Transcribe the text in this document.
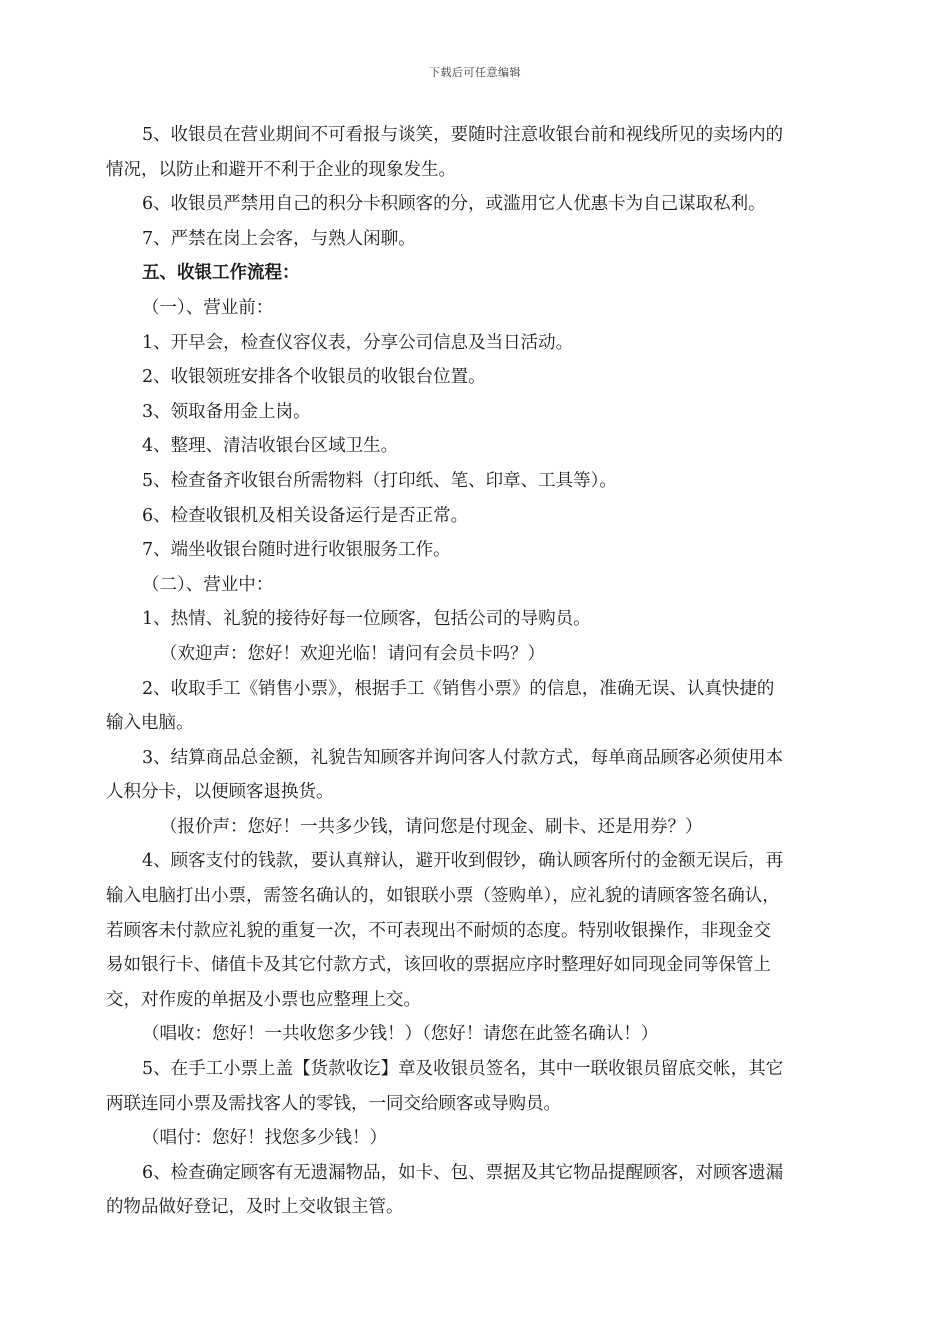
下载后可任意编辑
5、收银员在营业期间不可看报与谈笑，要随时注意收银台前和视线所见的卖场内的
情况，以防止和避开不利于企业的现象发生。
6、收银员严禁用自己的积分卡积顾客的分，或滥用它人优惠卡为自己谋取私利。
7、严禁在岗上会客，与熟人闲聊。
五、收银工作流程：
（一）、营业前：
1、开早会，检查仪容仪表，分享公司信息及当日活动。
2、收银领班安排各个收银员的收银台位置。
3、领取备用金上岗。
4、整理、清洁收银台区域卫生。
5、检查备齐收银台所需物料（打印纸、笔、印章、工具等）。
6、检查收银机及相关设备运行是否正常。
7、端坐收银台随时进行收银服务工作。
（二）、营业中：
1、热情、礼貌的接待好每一位顾客，包括公司的导购员。
（欢迎声：您好！欢迎光临！请问有会员卡吗？）
2、收取手工《销售小票》，根据手工《销售小票》的信息，准确无误、认真快捷的
输入电脑。
3、结算商品总金额，礼貌告知顾客并询问客人付款方式，每单商品顾客必须使用本
人积分卡，以便顾客退换货。
（报价声：您好！一共多少钱，请问您是付现金、刷卡、还是用券？）
4、顾客支付的钱款，要认真辩认，避开收到假钞，确认顾客所付的金额无误后，再
输入电脑打出小票，需签名确认的，如银联小票（签购单），应礼貌的请顾客签名确认，
若顾客未付款应礼貌的重复一次，不可表现出不耐烦的态度。特别收银操作，非现金交
易如银行卡、储值卡及其它付款方式，该回收的票据应序时整理好如同现金同等保管上
交，对作废的单据及小票也应整理上交。
（唱收：您好！一共收您多少钱！）（您好！请您在此签名确认！）
5、在手工小票上盖【货款收讫】章及收银员签名，其中一联收银员留底交帐，其它
两联连同小票及需找客人的零钱，一同交给顾客或导购员。
（唱付：您好！找您多少钱！）
6、检查确定顾客有无遗漏物品，如卡、包、票据及其它物品提醒顾客，对顾客遗漏
的物品做好登记，及时上交收银主管。
